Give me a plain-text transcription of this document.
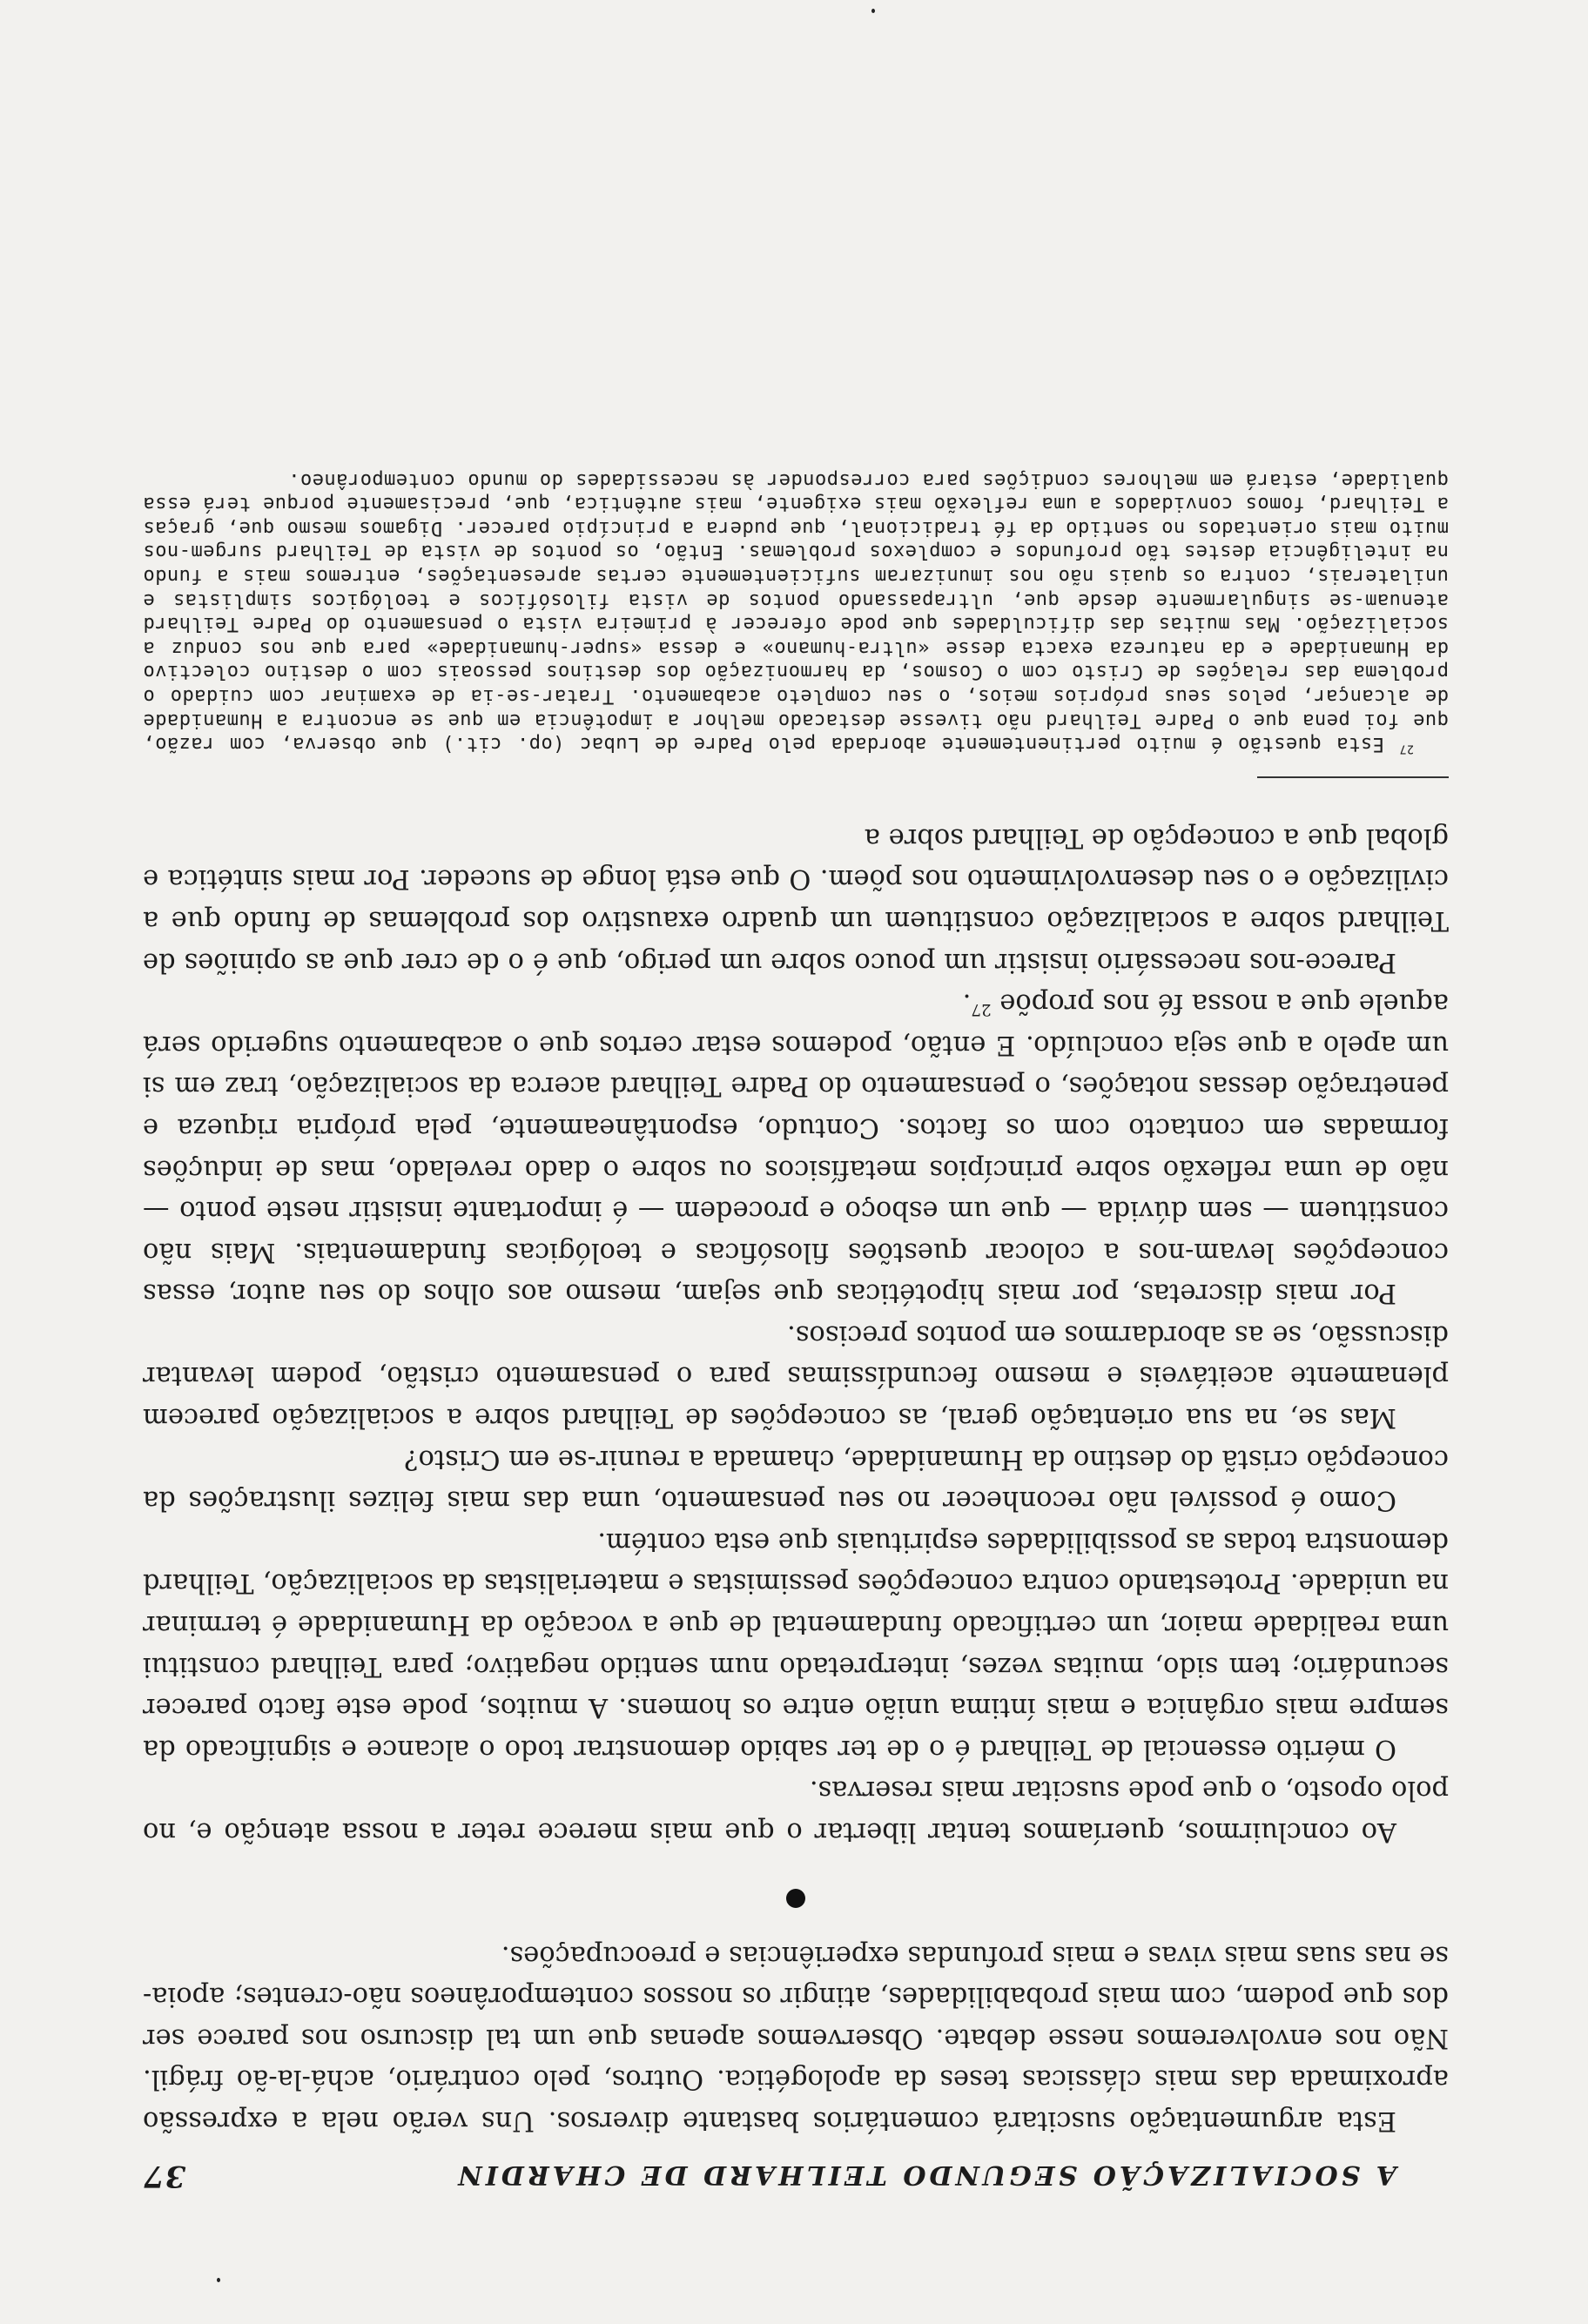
A SOCIALIZAÇÃO SEGUNDO TEILHARD DE CHARDIN
37

Esta argumentação suscitará comentários bastante diversos. Uns verão nela a expressão aproximada das mais clássicas teses da apologética. Outros, pelo contrário, achá-la-ão frágil. Não nos envolveremos nesse debate. Observemos apenas que um tal discurso nos parece ser dos que podem, com mais probabilidades, atingir os nossos contemporâneos não-crentes; apoia-se nas suas mais vivas e mais profundas experiências e preocupações.

Ao concluirmos, queríamos tentar libertar o que mais merece reter a nossa atenção e, no polo oposto, o que pode suscitar mais reservas.

O mérito essencial de Teilhard é o de ter sabido demonstrar todo o alcance e significado da sempre mais orgânica e mais íntima união entre os homens. A muitos, pode este facto parecer secundário; tem sido, muitas vezes, interpretado num sentido negativo; para Teilhard constitui uma realidade maior, um certificado fundamental de que a vocação da Humanidade é terminar na unidade. Protestando contra concepções pessimistas e materialistas da socialização, Teilhard demonstra todas as possibilidades espirituais que esta contém.

Como é possível não reconhecer no seu pensamento, uma das mais felizes ilustrações da concepção cristã do destino da Humanidade, chamada a reunir-se em Cristo?

Mas se, na sua orientação geral, as concepções de Teilhard sobre a socialização parecem plenamente aceitáveis e mesmo fecundíssimas para o pensamento cristão, podem levantar discussão, se as abordarmos em pontos precisos.

Por mais discretas, por mais hipotéticas que sejam, mesmo aos olhos do seu autor, essas concepções levam-nos a colocar questões filosóficas e teológicas fundamentais. Mais não constituem — sem dúvida — que um esboço e procedem — é importante insistir neste ponto — não de uma reflexão sobre princípios metafísicos ou sobre o dado revelado, mas de induções formadas em contacto com os factos. Contudo, espontâneamente, pela própria riqueza e penetração dessas notações, o pensamento do Padre Teilhard acerca da socialização, traz em si um apelo a que seja concluído. E então, podemos estar certos que o acabamento sugerido será aquele que a nossa fé nos propõe $^{27}$.

Parece-nos necessário insistir um pouco sobre um perigo, que é o de crer que as opiniões de Teilhard sobre a socialização constituem um quadro exaustivo dos problemas de fundo que a civilização e o seu desenvolvimento nos põem. O que está longe de suceder. Por mais sintética e global que a concepção de Teilhard sobre a

$^{27}$ Esta questão é muito pertinentemente abordada pelo Padre de Lubac (op. cit.) que observa, com razão, que foi pena que o Padre Teilhard não tivesse destacado melhor a impotência em que se encontra a Humanidade de alcançar, pelos seus próprios meios, o seu completo acabamento. Tratar-se-ia de examinar com cuidado o problema das relações de Cristo com o Cosmos, da harmonização dos destinos pessoais com o destino colectivo da Humanidade e da natureza exacta desse «ultra-humano» e dessa «super-humanidade» para que nos conduz a socialização. Mas muitas das dificuldades que pode oferecer à primeira vista o pensamento do Padre Teilhard atenuam-se singularmente desde que, ultrapassando pontos de vista filosóficos e teológicos simplistas e unilaterais, contra os quais não nos imunizaram suficientemente certas apresentações, entremos mais a fundo na inteligência destes tão profundos e complexos problemas. Então, os pontos de vista de Teilhard surgem-nos muito mais orientados no sentido da fé tradicional, que pudera a princípio parecer. Digamos mesmo que, graças a Teilhard, fomos convidados a uma reflexão mais exigente, mais autêntica, que, precisamente porque terá essa qualidade, estará em melhores condições para corresponder às necessidades do mundo contemporâneo.
